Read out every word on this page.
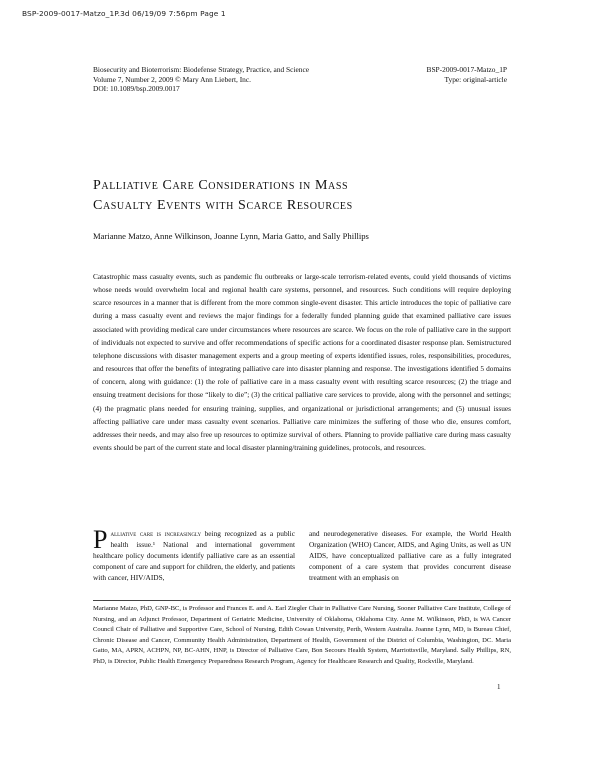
BSP-2009-0017-Matzo_1P.3d 06/19/09 7:56pm Page 1
Biosecurity and Bioterrorism: Biodefense Strategy, Practice, and Science
Volume 7, Number 2, 2009 © Mary Ann Liebert, Inc.
DOI: 10.1089/bsp.2009.0017
BSP-2009-0017-Matzo_1P
Type: original-article
Palliative Care Considerations in Mass
Casualty Events with Scarce Resources
Marianne Matzo, Anne Wilkinson, Joanne Lynn, Maria Gatto, and Sally Phillips

Catastrophic mass casualty events, such as pandemic flu outbreaks or large-scale terrorism-related events, could yield thousands of victims whose needs would overwhelm local and regional health care systems, personnel, and resources. Such conditions will require deploying scarce resources in a manner that is different from the more common single-event disaster. This article introduces the topic of palliative care during a mass casualty event and reviews the major findings for a federally funded planning guide that examined palliative care issues associated with providing medical care under circumstances where resources are scarce. We focus on the role of palliative care in the support of individuals not expected to survive and offer recommendations of specific actions for a coordinated disaster response plan. Semistructured telephone discussions with disaster management experts and a group meeting of experts identified issues, roles, responsibilities, procedures, and resources that offer the benefits of integrating palliative care into disaster planning and response. The investigations identified 5 domains of concern, along with guidance: (1) the role of palliative care in a mass casualty event with resulting scarce resources; (2) the triage and ensuing treatment decisions for those “likely to die”; (3) the critical palliative care services to provide, along with the personnel and settings; (4) the pragmatic plans needed for ensuring training, supplies, and organizational or jurisdictional arrangements; and (5) unusual issues affecting palliative care under mass casualty event scenarios. Palliative care minimizes the suffering of those who die, ensures comfort, addresses their needs, and may also free up resources to optimize survival of others. Planning to provide palliative care during mass casualty events should be part of the current state and local disaster planning/training guidelines, protocols, and resources.

Palliative care is increasingly being recognized as a public health issue.¹ National and international government healthcare policy documents identify palliative care as an essential component of care and support for children, the elderly, and patients with cancer, HIV/AIDS,

and neurodegenerative diseases. For example, the World Health Organization (WHO) Cancer, AIDS, and Aging Units, as well as UN AIDS, have conceptualized palliative care as a fully integrated component of a care system that provides concurrent disease treatment with an emphasis on

Marianne Matzo, PhD, GNP-BC, is Professor and Frances E. and A. Earl Ziegler Chair in Palliative Care Nursing, Sooner Palliative Care Institute, College of Nursing, and an Adjunct Professor, Department of Geriatric Medicine, University of Oklahoma, Oklahoma City. Anne M. Wilkinson, PhD, is WA Cancer Council Chair of Palliative and Supportive Care, School of Nursing, Edith Cowan University, Perth, Western Australia. Joanne Lynn, MD, is Bureau Chief, Chronic Disease and Cancer, Community Health Administration, Department of Health, Government of the District of Columbia, Washington, DC. Maria Gatto, MA, APRN, ACHPN, NP, BC-AHN, HNP, is Director of Palliative Care, Bon Secours Health System, Marriottsville, Maryland. Sally Phillips, RN, PhD, is Director, Public Health Emergency Preparedness Research Program, Agency for Healthcare Research and Quality, Rockville, Maryland.

1
